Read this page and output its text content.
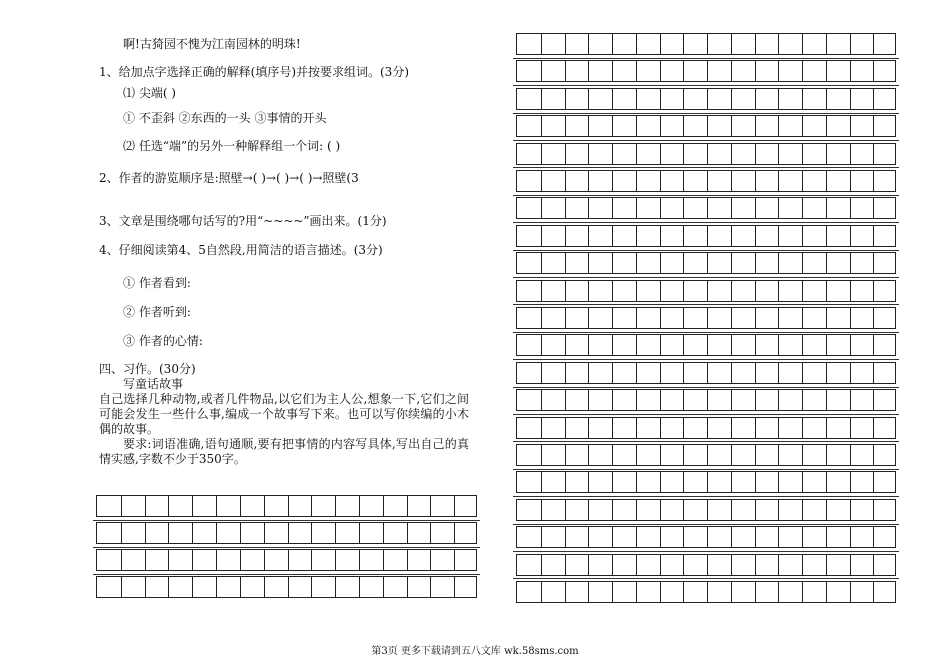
啊!古猗园不愧为江南园林的明珠!
1、给加点字选择正确的解释(填序号)并按要求组词。(3分)
⑴ 尖端( )
① 不歪斜 ②东西的一头 ③事情的开头
⑵ 任选“端”的另外一种解释组一个词: ( )
2、作者的游览顺序是:照壁→( )→( )→( )→照壁(3
3、文章是围绕哪句话写的?用“~~~~”画出来。(1分)
4、仔细阅读第4、5自然段,用简洁的语言描述。(3分)
① 作者看到:
② 作者听到:
③ 作者的心情:
四、习作。(30分)
写童话故事
自己选择几种动物,或者几件物品,以它们为主人公,想象一下,它们之间可能会发生一些什么事,编成一个故事写下来。也可以写你续编的小木偶的故事。
要求:词语准确,语句通顺,要有把事情的内容写具体,写出自己的真情实感,字数不少于350字。
第3页 更多下载请到五八文库 wk.58sms.com
